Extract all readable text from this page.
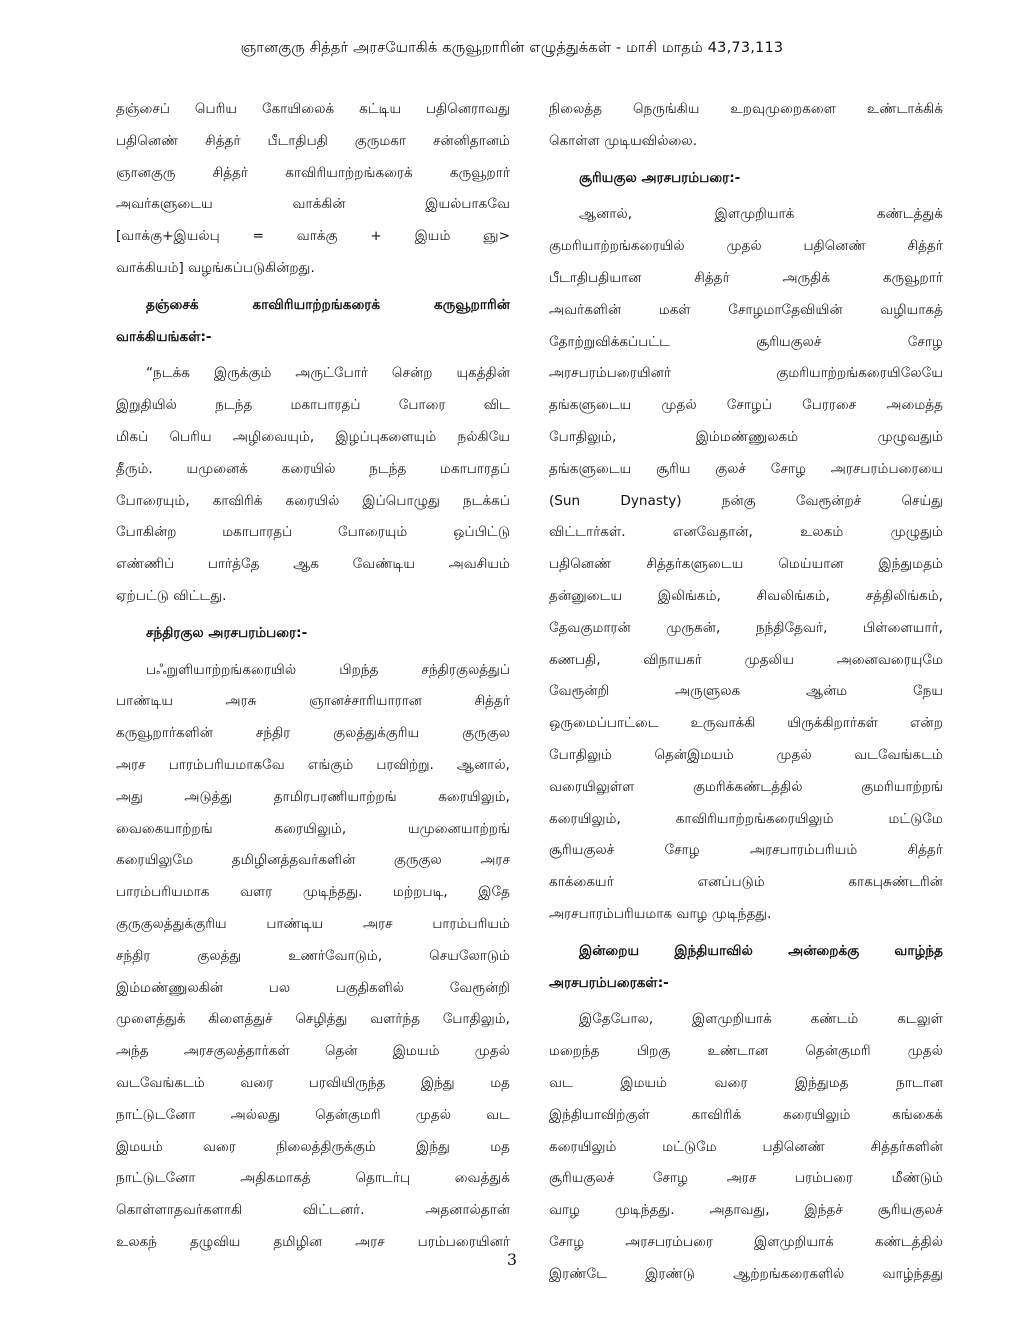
ஞானகுரு சித்தர் அரசயோகிக் கருவூறாரின் எழுத்துக்கள் - மாசி மாதம் 43,73,113
தஞ்சைப் பெரிய கோயிலைக் கட்டிய பதினெராவது
பதினெண் சித்தர் பீடாதிபதி குருமகா சன்னிதானம்
ஞானகுரு சித்தர் காவிரியாற்றங்கரைக் கருவூறார்
அவர்களுடைய வாக்கின் இயல்பாகவே
[வாக்கு+இயல்பு = வாக்கு + இயம் ஞு>
வாக்கியம்] வழங்கப்படுகின்றது.
தஞ்சைக் காவிரியாற்றங்கரைக் கருவூறாரின்
வாக்கியங்கள்:-
“நடக்க இருக்கும் அருட்போர் சென்ற யுகத்தின்
இறுதியில் நடந்த மகாபாரதப் போரை விட
மிகப் பெரிய அழிவையும், இழப்புகளையும் நல்கியே
தீரும். யமுனைக் கரையில் நடந்த மகாபாரதப்
போரையும், காவிரிக் கரையில் இப்பொழுது நடக்கப்
போகின்ற மகாபாரதப் போரையும் ஒப்பிட்டு
எண்ணிப் பார்த்தே ஆக வேண்டிய அவசியம்
ஏற்பட்டு விட்டது.
சந்திரகுல அரசபரம்பரை:-
பஃறுளியாற்றங்கரையில் பிறந்த சந்திரகுலத்துப்
பாண்டிய அரசு ஞானச்சாரியாரான சித்தர்
கருவூறார்களின் சந்திர குலத்துக்குரிய குருகுல
அரச பாரம்பரியமாகவே எங்கும் பரவிற்று. ஆனால்,
அது அடுத்து தாமிரபரணியாற்றங் கரையிலும்,
வைகையாற்றங் கரையிலும், யமுனையாற்றங்
கரையிலுமே தமிழினத்தவர்களின் குருகுல அரச
பாரம்பரியமாக வளர முடிந்தது. மற்றபடி, இதே
குருகுலத்துக்குரிய பாண்டிய அரச பாரம்பரியம்
சந்திர குலத்து உணர்வோடும், செயலோடும்
இம்மண்ணுலகின் பல பகுதிகளில் வேரூன்றி
முளைத்துக் கிளைத்துச் செழித்து வளர்ந்த போதிலும்,
அந்த அரசகுலத்தார்கள் தென் இமயம் முதல்
வடவேங்கடம் வரை பரவியிருந்த இந்து மத
நாட்டுடனோ அல்லது தென்குமரி முதல் வட
இமயம் வரை நிலைத்திருக்கும் இந்து மத
நாட்டுடனோ அதிகமாகத் தொடர்பு வைத்துக்
கொள்ளாதவர்களாகி விட்டனர். அதனால்தான்
உலகந் தழுவிய தமிழின அரச பரம்பரையினர்
நிலைத்த நெருங்கிய உறவுமுறைகளை உண்டாக்கிக்
கொள்ள முடியவில்லை.
சூரியகுல அரசபரம்பரை:-
ஆனால், இளமுறியாக் கண்டத்துக்
குமரியாற்றங்கரையில் முதல் பதினெண் சித்தர்
பீடாதிபதியான சித்தர் அருதிக் கருவூறார்
அவர்களின் மகள் சோழமாதேவியின் வழியாகத்
தோற்றுவிக்கப்பட்ட சூரியகுலச் சோழ
அரசபரம்பரையினர் குமரியாற்றங்கரையிலேயே
தங்களுடைய முதல் சோழப் பேரரசை அமைத்த
போதிலும், இம்மண்ணுலகம் முழுவதும்
தங்களுடைய சூரிய குலச் சோழ அரசபரம்பரையை
(Sun Dynasty) நன்கு வேரூன்றச் செய்து
விட்டார்கள். எனவேதான், உலகம் முழுதும்
பதினெண் சித்தர்களுடைய மெய்யான இந்துமதம்
தன்னுடைய இலிங்கம், சிவலிங்கம், சத்திலிங்கம்,
தேவகுமாரன் முருகன், நந்திதேவர், பிள்ளையார்,
கணபதி, விநாயகர் முதலிய அனைவரையுமே
வேரூன்றி அருளுலக ஆன்ம நேய
ஒருமைப்பாட்டை உருவாக்கி யிருக்கிறார்கள் என்ற
போதிலும் தென்இமயம் முதல் வடவேங்கடம்
வரையிலுள்ள குமரிக்கண்டத்தில் குமரியாற்றங்
கரையிலும், காவிரியாற்றங்கரையிலும் மட்டுமே
சூரியகுலச் சோழ அரசபாரம்பரியம் சித்தர்
காக்கையர் எனப்படும் காகபுசுண்டரின்
அரசபாரம்பரியமாக வாழ முடிந்தது.
இன்றைய இந்தியாவில் அன்றைக்கு வாழ்ந்த
அரசபரம்பரைகள்:-
இதேபோல, இளமுறியாக் கண்டம் கடலுள்
மறைந்த பிறகு உண்டான தென்குமரி முதல்
வட இமயம் வரை இந்துமத நாடான
இந்தியாவிற்குள் காவிரிக் கரையிலும் கங்கைக்
கரையிலும் மட்டுமே பதினெண் சித்தர்களின்
சூரியகுலச் சோழ அரச பரம்பரை மீண்டும்
வாழ முடிந்தது. அதாவது, இந்தச் சூரியகுலச்
சோழ அரசபரம்பரை இளமுறியாக் கண்டத்தில்
இரண்டே இரண்டு ஆற்றங்கரைகளில் வாழ்ந்தது
3
